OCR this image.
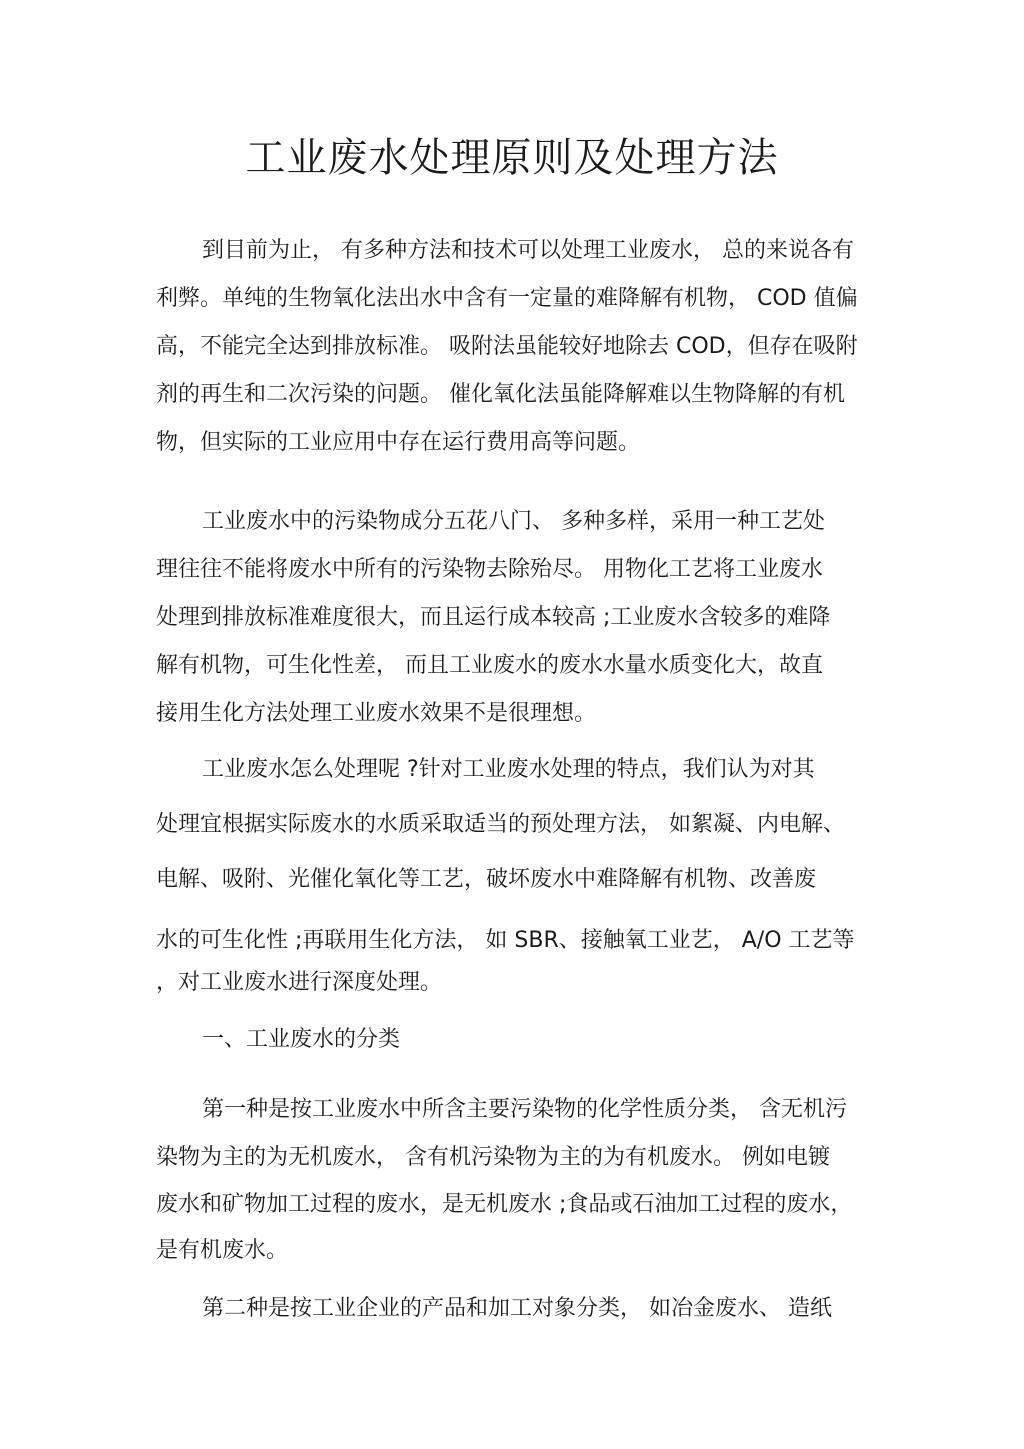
工业废水处理原则及处理方法

到目前为止， 有多种方法和技术可以处理工业废水， 总的来说各有

利弊。单纯的生物氧化法出水中含有一定量的难降解有机物， COD 值偏

高，不能完全达到排放标准。 吸附法虽能较好地除去 COD，但存在吸附

剂的再生和二次污染的问题。 催化氧化法虽能降解难以生物降解的有机

物，但实际的工业应用中存在运行费用高等问题。

工业废水中的污染物成分五花八门、 多种多样，采用一种工艺处

理往往不能将废水中所有的污染物去除殆尽。 用物化工艺将工业废水

处理到排放标准难度很大，而且运行成本较高 ;工业废水含较多的难降

解有机物，可生化性差， 而且工业废水的废水水量水质变化大，故直

接用生化方法处理工业废水效果不是很理想。

工业废水怎么处理呢 ?针对工业废水处理的特点，我们认为对其

处理宜根据实际废水的水质采取适当的预处理方法， 如絮凝、内电解、

电解、吸附、光催化氧化等工艺，破坏废水中难降解有机物、改善废

水的可生化性 ;再联用生化方法， 如 SBR、接触氧工业艺， A/O 工艺等

，对工业废水进行深度处理。

一、工业废水的分类

第一种是按工业废水中所含主要污染物的化学性质分类， 含无机污

染物为主的为无机废水， 含有机污染物为主的为有机废水。 例如电镀

废水和矿物加工过程的废水，是无机废水 ;食品或石油加工过程的废水，

是有机废水。

第二种是按工业企业的产品和加工对象分类， 如冶金废水、 造纸
